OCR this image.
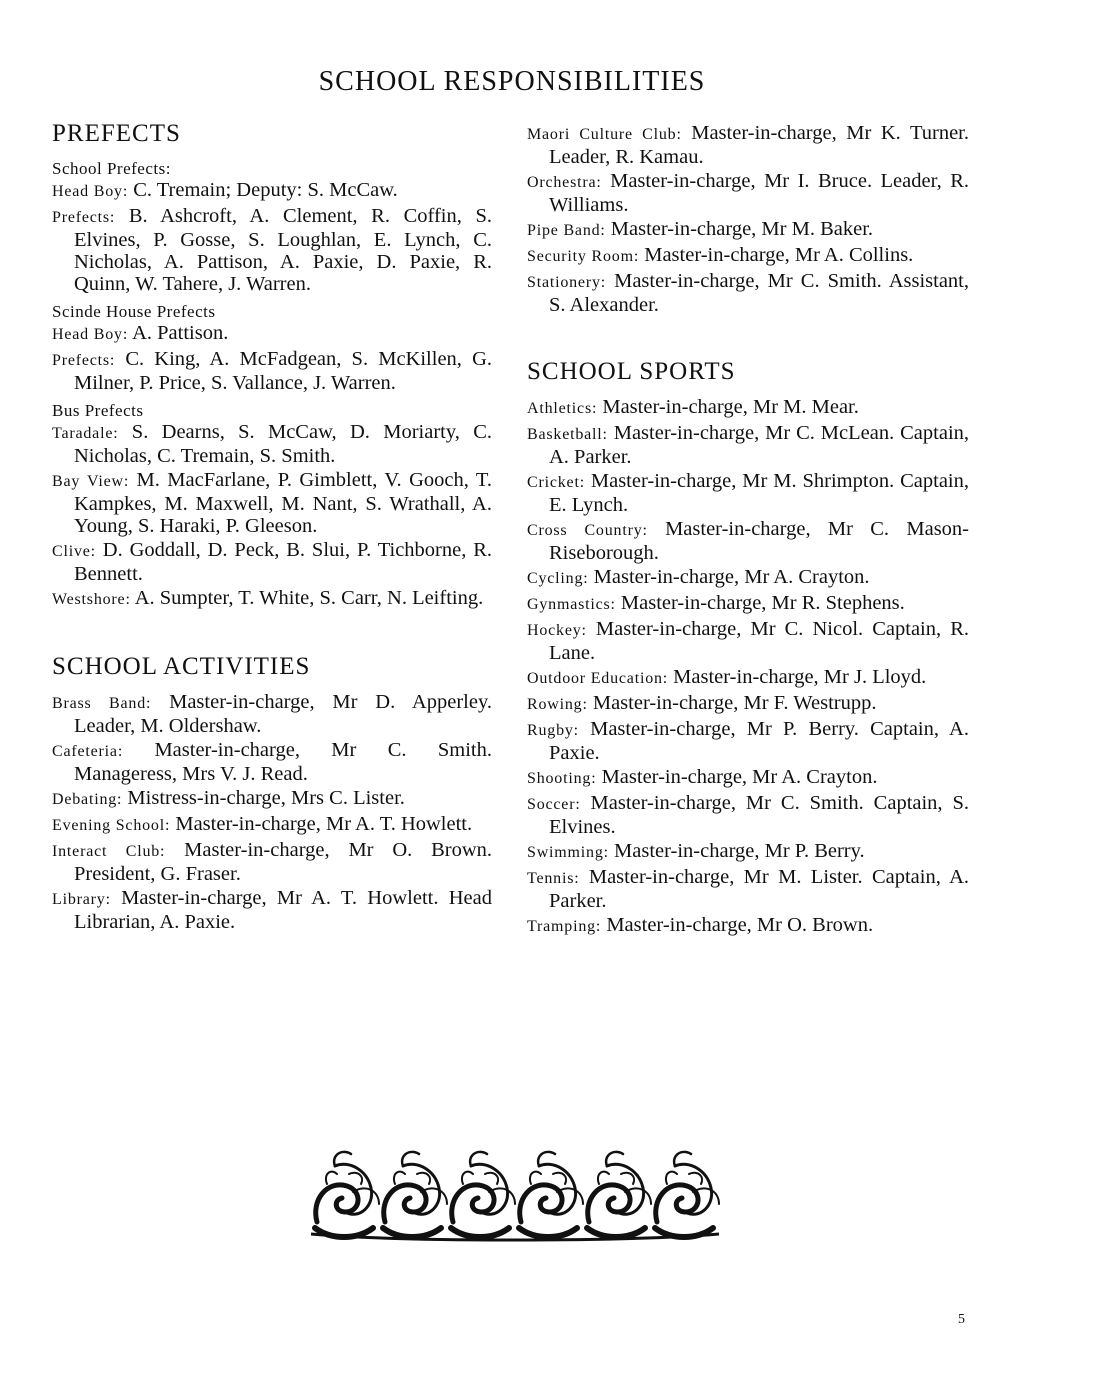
SCHOOL RESPONSIBILITIES
PREFECTS
School Prefects:

Head Boy: C. Tremain; Deputy: S. McCaw.

Prefects: B. Ashcroft, A. Clement, R. Coffin, S. Elvines, P. Gosse, S. Loughlan, E. Lynch, C. Nicholas, A. Pattison, A. Paxie, D. Paxie, R. Quinn, W. Tahere, J. Warren.

Scinde House Prefects

Head Boy: A. Pattison.

Prefects: C. King, A. McFadgean, S. McKillen, G. Milner, P. Price, S. Vallance, J. Warren.

Bus Prefects

Taradale: S. Dearns, S. McCaw, D. Moriarty, C. Nicholas, C. Tremain, S. Smith.

Bay View: M. MacFarlane, P. Gimblett, V. Gooch, T. Kampkes, M. Maxwell, M. Nant, S. Wrathall, A. Young, S. Haraki, P. Gleeson.

Clive: D. Goddall, D. Peck, B. Slui, P. Tichborne, R. Bennett.

Westshore: A. Sumpter, T. White, S. Carr, N. Leifting.

SCHOOL ACTIVITIES

Brass Band: Master-in-charge, Mr D. Apperley. Leader, M. Oldershaw.

Cafeteria: Master-in-charge, Mr C. Smith. Manageress, Mrs V. J. Read.

Debating: Mistress-in-charge, Mrs C. Lister.

Evening School: Master-in-charge, Mr A. T. Howlett.

Interact Club: Master-in-charge, Mr O. Brown. President, G. Fraser.

Library: Master-in-charge, Mr A. T. Howlett. Head Librarian, A. Paxie.

Maori Culture Club: Master-in-charge, Mr K. Turner. Leader, R. Kamau.

Orchestra: Master-in-charge, Mr I. Bruce. Leader, R. Williams.

Pipe Band: Master-in-charge, Mr M. Baker.

Security Room: Master-in-charge, Mr A. Collins.

Stationery: Master-in-charge, Mr C. Smith. Assistant, S. Alexander.

SCHOOL SPORTS

Athletics: Master-in-charge, Mr M. Mear.

Basketball: Master-in-charge, Mr C. McLean. Captain, A. Parker.

Cricket: Master-in-charge, Mr M. Shrimpton. Captain, E. Lynch.

Cross Country: Master-in-charge, Mr C. Mason-Riseborough.

Cycling: Master-in-charge, Mr A. Crayton.

Gynmastics: Master-in-charge, Mr R. Stephens.

Hockey: Master-in-charge, Mr C. Nicol. Captain, R. Lane.

Outdoor Education: Master-in-charge, Mr J. Lloyd.

Rowing: Master-in-charge, Mr F. Westrupp.

Rugby: Master-in-charge, Mr P. Berry. Captain, A. Paxie.

Shooting: Master-in-charge, Mr A. Crayton.

Soccer: Master-in-charge, Mr C. Smith. Captain, S. Elvines.

Swimming: Master-in-charge, Mr P. Berry.

Tennis: Master-in-charge, Mr M. Lister. Captain, A. Parker.

Tramping: Master-in-charge, Mr O. Brown.

5
